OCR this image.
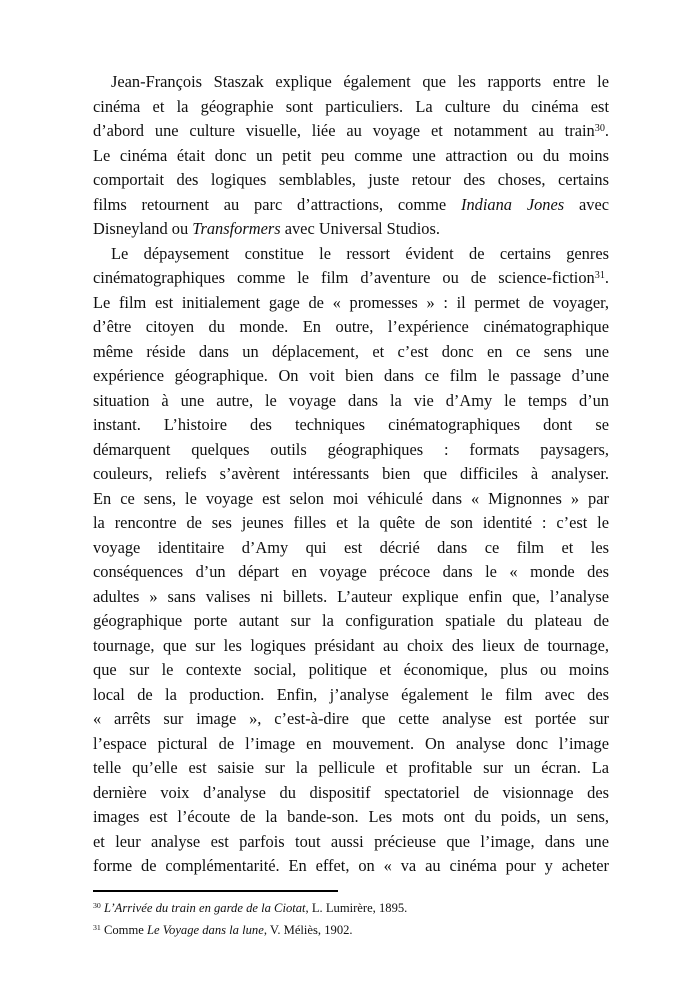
Jean-François Staszak explique également que les rapports entre le
cinéma et la géographie sont particuliers. La culture du cinéma est
d’abord une culture visuelle, liée au voyage et notamment au train$^{30}$.
Le cinéma était donc un petit peu comme une attraction ou du moins
comportait des logiques semblables, juste retour des choses, certains
films retournent au parc d’attractions, comme Indiana Jones avec
Disneyland ou Transformers avec Universal Studios.
Le dépaysement constitue le ressort évident de certains genres
cinématographiques comme le film d’aventure ou de science-fiction$^{31}$.
Le film est initialement gage de « promesses » : il permet de voyager,
d’être citoyen du monde. En outre, l’expérience cinématographique
même réside dans un déplacement, et c’est donc en ce sens une
expérience géographique. On voit bien dans ce film le passage d’une
situation à une autre, le voyage dans la vie d’Amy le temps d’un
instant. L’histoire des techniques cinématographiques dont se
démarquent quelques outils géographiques : formats paysagers,
couleurs, reliefs s’avèrent intéressants bien que difficiles à analyser.
En ce sens, le voyage est selon moi véhiculé dans « Mignonnes » par
la rencontre de ses jeunes filles et la quête de son identité : c’est le
voyage identitaire d’Amy qui est décrié dans ce film et les
conséquences d’un départ en voyage précoce dans le « monde des
adultes » sans valises ni billets. L’auteur explique enfin que, l’analyse
géographique porte autant sur la configuration spatiale du plateau de
tournage, que sur les logiques présidant au choix des lieux de tournage,
que sur le contexte social, politique et économique, plus ou moins
local de la production. Enfin, j’analyse également le film avec des
« arrêts sur image », c’est-à-dire que cette analyse est portée sur
l’espace pictural de l’image en mouvement. On analyse donc l’image
telle qu’elle est saisie sur la pellicule et profitable sur un écran. La
dernière voix d’analyse du dispositif spectatoriel de visionnage des
images est l’écoute de la bande-son. Les mots ont du poids, un sens,
et leur analyse est parfois tout aussi précieuse que l’image, dans une
forme de complémentarité. En effet, on « va au cinéma pour y acheter
$^{30}$ L’Arrivée du train en garde de la Ciotat, L. Lumirère, 1895.
$^{31}$ Comme Le Voyage dans la lune, V. Méliès, 1902.
